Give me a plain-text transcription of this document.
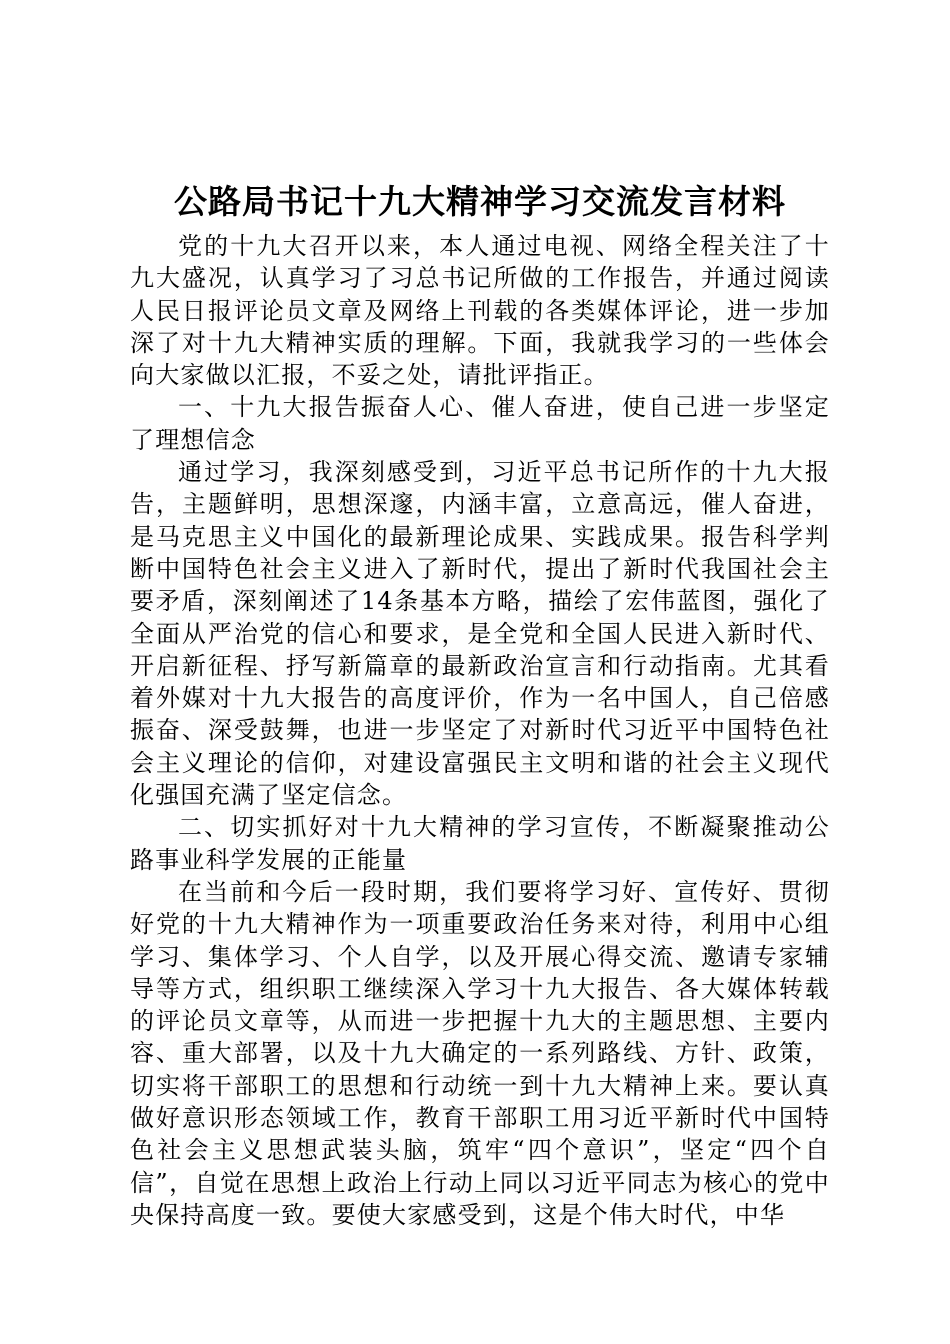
公路局书记十九大精神学习交流发言材料

党的十九大召开以来，本人通过电视、网络全程关注了十九大盛况，认真学习了习总书记所做的工作报告，并通过阅读人民日报评论员文章及网络上刊载的各类媒体评论，进一步加深了对十九大精神实质的理解。下面，我就我学习的一些体会向大家做以汇报，不妥之处，请批评指正。

一、十九大报告振奋人心、催人奋进，使自己进一步坚定了理想信念

通过学习，我深刻感受到，习近平总书记所作的十九大报告，主题鲜明，思想深邃，内涵丰富，立意高远，催人奋进，是马克思主义中国化的最新理论成果、实践成果。报告科学判断中国特色社会主义进入了新时代，提出了新时代我国社会主要矛盾，深刻阐述了14条基本方略，描绘了宏伟蓝图，强化了全面从严治党的信心和要求，是全党和全国人民进入新时代、开启新征程、抒写新篇章的最新政治宣言和行动指南。尤其看着外媒对十九大报告的高度评价，作为一名中国人，自己倍感振奋、深受鼓舞，也进一步坚定了对新时代习近平中国特色社会主义理论的信仰，对建设富强民主文明和谐的社会主义现代化强国充满了坚定信念。

二、切实抓好对十九大精神的学习宣传，不断凝聚推动公路事业科学发展的正能量

在当前和今后一段时期，我们要将学习好、宣传好、贯彻好党的十九大精神作为一项重要政治任务来对待，利用中心组学习、集体学习、个人自学，以及开展心得交流、邀请专家辅导等方式，组织职工继续深入学习十九大报告、各大媒体转载的评论员文章等，从而进一步把握十九大的主题思想、主要内容、重大部署，以及十九大确定的一系列路线、方针、政策，切实将干部职工的思想和行动统一到十九大精神上来。要认真做好意识形态领域工作，教育干部职工用习近平新时代中国特色社会主义思想武装头脑，筑牢“四个意识”，坚定“四个自信”，自觉在思想上政治上行动上同以习近平同志为核心的党中央保持高度一致。要使大家感受到，这是个伟大时代，中华
